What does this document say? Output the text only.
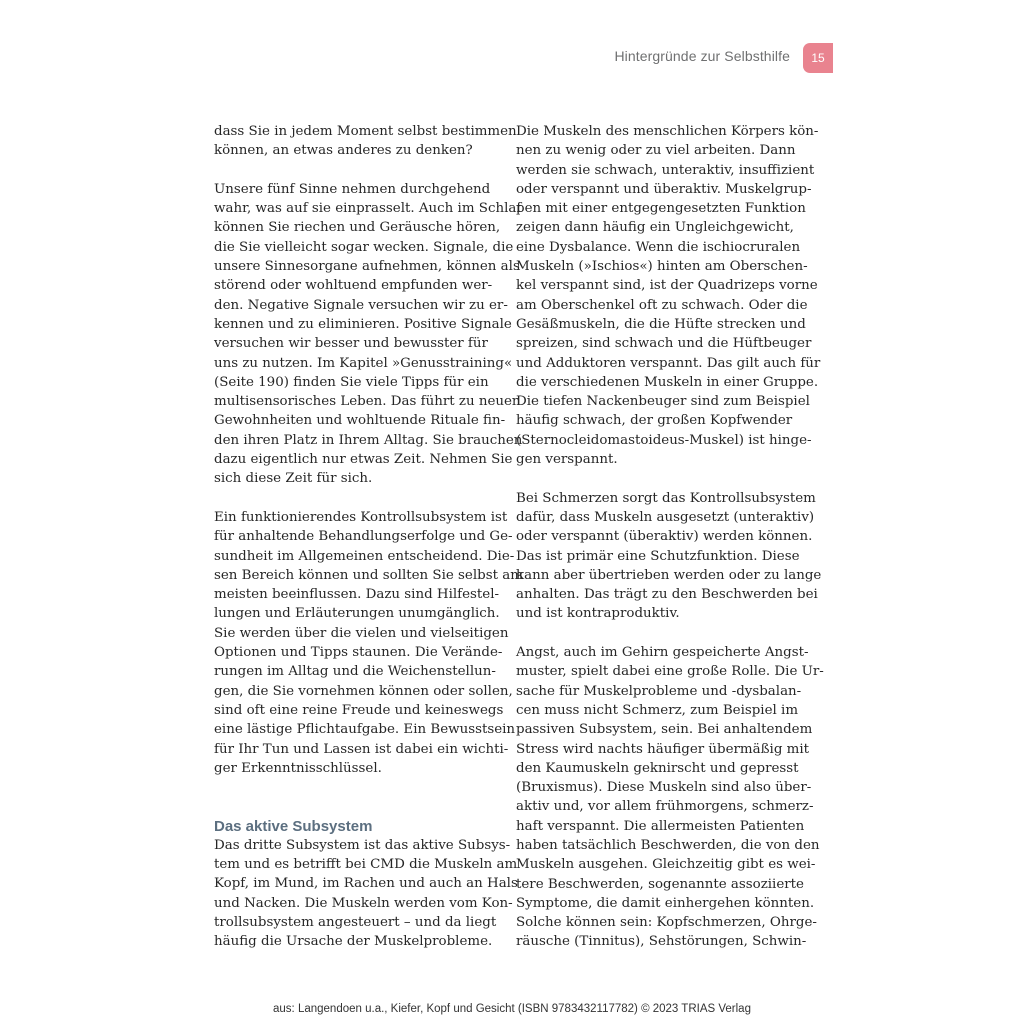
Hintergründe zur Selbsthilfe	15

dass Sie in jedem Moment selbst bestimmen
können, an etwas anderes zu denken?

Unsere fünf Sinne nehmen durchgehend
wahr, was auf sie einprasselt. Auch im Schlaf
können Sie riechen und Geräusche hören,
die Sie vielleicht sogar wecken. Signale, die
unsere Sinnesorgane aufnehmen, können als
störend oder wohltuend empfunden wer-
den. Negative Signale versuchen wir zu er-
kennen und zu eliminieren. Positive Signale
versuchen wir besser und bewusster für
uns zu nutzen. Im Kapitel »Genusstraining«
(Seite 190) finden Sie viele Tipps für ein
multisensorisches Leben. Das führt zu neuen
Gewohnheiten und wohltuende Rituale fin-
den ihren Platz in Ihrem Alltag. Sie brauchen
dazu eigentlich nur etwas Zeit. Nehmen Sie
sich diese Zeit für sich.

Ein funktionierendes Kontrollsubsystem ist
für anhaltende Behandlungserfolge und Ge-
sundheit im Allgemeinen entscheidend. Die-
sen Bereich können und sollten Sie selbst am
meisten beeinflussen. Dazu sind Hilfestel-
lungen und Erläuterungen unumgänglich.
Sie werden über die vielen und vielseitigen
Optionen und Tipps staunen. Die Verände-
rungen im Alltag und die Weichenstellun-
gen, die Sie vornehmen können oder sollen,
sind oft eine reine Freude und keineswegs
eine lästige Pflichtaufgabe. Ein Bewusstsein
für Ihr Tun und Lassen ist dabei ein wichti-
ger Erkenntnisschlüssel.

Das aktive Subsystem

Das dritte Subsystem ist das aktive Subsys-
tem und es betrifft bei CMD die Muskeln am
Kopf, im Mund, im Rachen und auch an Hals
und Nacken. Die Muskeln werden vom Kon-
trollsubsystem angesteuert – und da liegt
häufig die Ursache der Muskelprobleme.

Die Muskeln des menschlichen Körpers kön-
nen zu wenig oder zu viel arbeiten. Dann
werden sie schwach, unteraktiv, insuffizient
oder verspannt und überaktiv. Muskelgrup-
pen mit einer entgegengesetzten Funktion
zeigen dann häufig ein Ungleichgewicht,
eine Dysbalance. Wenn die ischiocruralen
Muskeln (»Ischios«) hinten am Oberschen-
kel verspannt sind, ist der Quadrizeps vorne
am Oberschenkel oft zu schwach. Oder die
Gesäßmuskeln, die die Hüfte strecken und
spreizen, sind schwach und die Hüftbeuger
und Adduktoren verspannt. Das gilt auch für
die verschiedenen Muskeln in einer Gruppe.
Die tiefen Nackenbeuger sind zum Beispiel
häufig schwach, der großen Kopfwender
(Sternocleidomastoideus-Muskel) ist hinge-
gen verspannt.

Bei Schmerzen sorgt das Kontrollsubsystem
dafür, dass Muskeln ausgesetzt (unteraktiv)
oder verspannt (überaktiv) werden können.
Das ist primär eine Schutzfunktion. Diese
kann aber übertrieben werden oder zu lange
anhalten. Das trägt zu den Beschwerden bei
und ist kontraproduktiv.

Angst, auch im Gehirn gespeicherte Angst-
muster, spielt dabei eine große Rolle. Die Ur-
sache für Muskelprobleme und -dysbalan-
cen muss nicht Schmerz, zum Beispiel im
passiven Subsystem, sein. Bei anhaltendem
Stress wird nachts häufiger übermäßig mit
den Kaumuskeln geknirscht und gepresst
(Bruxismus). Diese Muskeln sind also über-
aktiv und, vor allem frühmorgens, schmerz-
haft verspannt. Die allermeisten Patienten
haben tatsächlich Beschwerden, die von den
Muskeln ausgehen. Gleichzeitig gibt es wei-
tere Beschwerden, sogenannte assoziierte
Symptome, die damit einhergehen könnten.
Solche können sein: Kopfschmerzen, Ohrge-
räusche (Tinnitus), Sehstörungen, Schwin-

aus: Langendoen u.a., Kiefer, Kopf und Gesicht (ISBN 9783432117782) © 2023 TRIAS Verlag
